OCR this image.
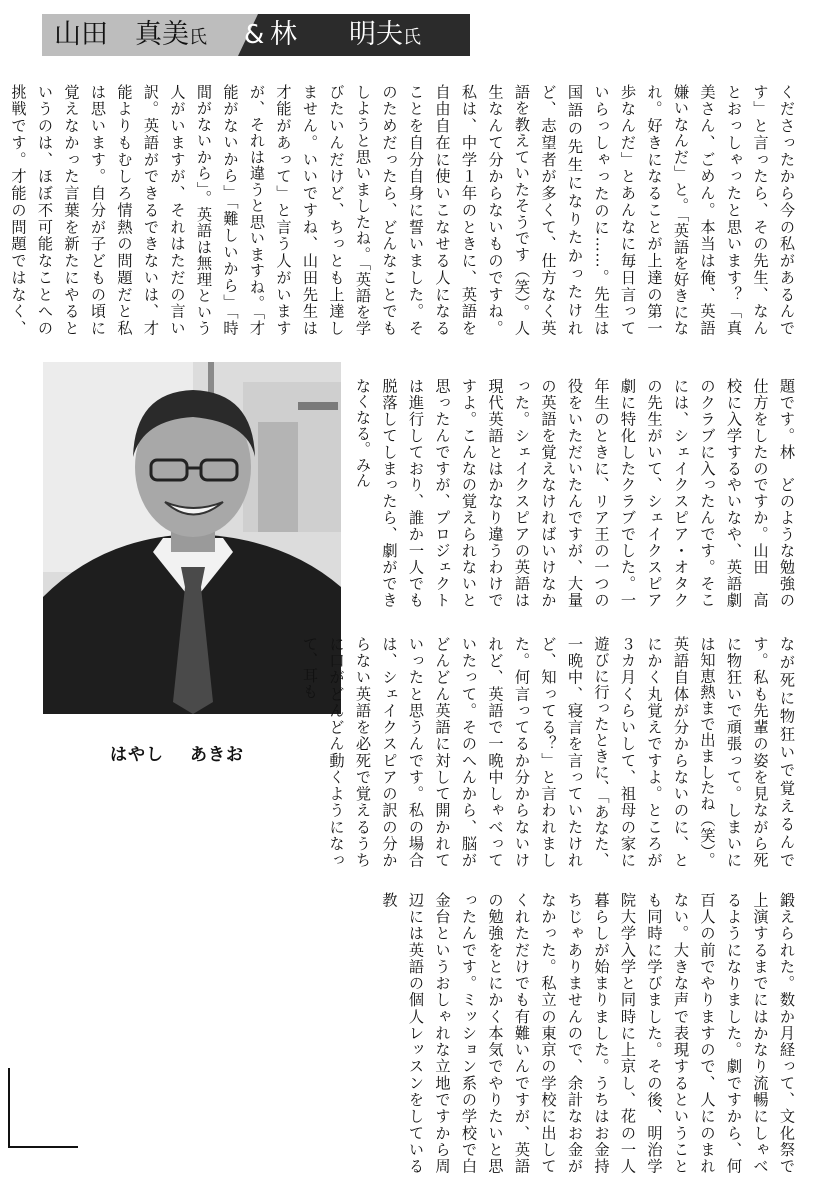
山田　真美氏 & 林 明夫氏
くださったから今の私があるんです」と言ったら、その先生、なんとおっしゃったと思います？「真美さん、ごめん。本当は俺、英語嫌いなんだ」と。「英語を好きになれ。好きになることが上達の第一歩なんだ」とあんなに毎日言っていらっしゃったのに……。先生は国語の先生になりたかったけれど、志望者が多くて、仕方なく英語を教えていたそうです（笑）。人生なんて分からないものですね。私は、中学１年のときに、英語を自由自在に使いこなせる人になることを自分自身に誓いました。そのためだったら、どんなことでもしようと思いましたね。「英語を学びたいんだけど、ちっとも上達しません。いいですね、山田先生は才能があって」と言う人がいますが、それは違うと思いますね。「才能がないから」「難しいから」「時間がないから」。英語は無理という人がいますが、それはただの言い訳。英語ができるできないは、才能よりもむしろ情熱の問題だと私は思います。自分が子どもの頃に覚えなかった言葉を新たにやるというのは、ほぼ不可能なことへの挑戦です。才能の問題ではなく、
はやし あきお
題です。林　どのような勉強の仕方をしたのですか。山田　高校に入学するやいなや、英語劇のクラブに入ったんです。そこには、シェイクスピア・オタクの先生がいて、シェイクスピア劇に特化したクラブでした。一年生のときに、リア王の一つの役をいただいたんですが、大量の英語を覚えなければいけなかった。シェイクスピアの英語は現代英語とはかなり違うわけですよ。こんなの覚えられないと思ったんですが、プロジェクトは進行しており、誰か一人でも脱落してしまったら、劇ができなくなる。みん
なが死に物狂いで覚えるんです。私も先輩の姿を見ながら死に物狂いで頑張って。しまいには知恵熱まで出ましたね（笑）。英語自体が分からないのに、とにかく丸覚えですよ。ところが３カ月くらいして、祖母の家に遊びに行ったときに、「あなた、一晩中、寝言を言っていたけれど、知ってる？」と言われました。何言ってるか分からないけれど、英語で一晩中しゃべっていたって。そのへんから、脳がどんどん英語に対して開かれていったと思うんです。私の場合は、シェイクスピアの訳の分からない英語を必死で覚えるうちに口がどんどん動くようになって、耳も
鍛えられた。数か月経って、文化祭で上演するまでにはかなり流暢にしゃべるようになりました。劇ですから、何百人の前でやりますので、人にのまれない。大きな声で表現するということも同時に学びました。その後、明治学院大学入学と同時に上京し、花の一人暮らしが始まりました。うちはお金持ちじゃありませんので、余計なお金がなかった。私立の東京の学校に出してくれただけでも有難いんですが、英語の勉強をとにかく本気でやりたいと思ったんです。ミッション系の学校で白金台というおしゃれな立地ですから周辺には英語の個人レッスンをしている教
